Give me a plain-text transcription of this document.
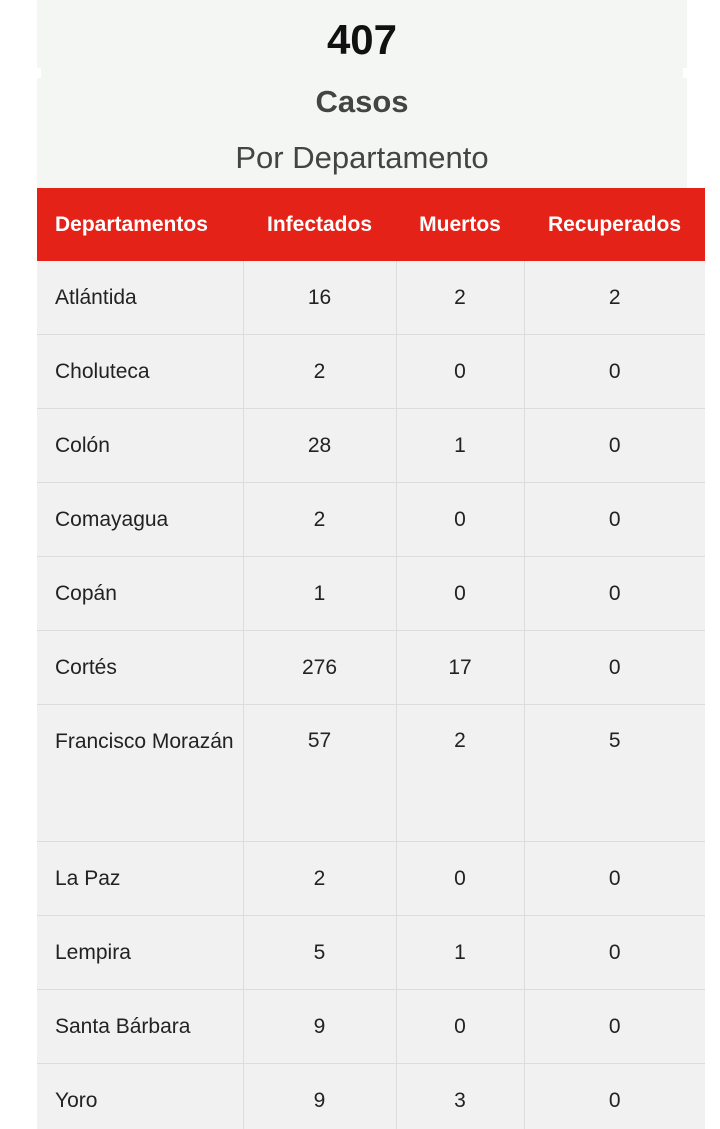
407
Casos
Por Departamento
Departamentos	Infectados	Muertos	Recuperados
Atlántida	16	2	2
Choluteca	2	0	0
Colón	28	1	0
Comayagua	2	0	0
Copán	1	0	0
Cortés	276	17	0
Francisco Morazán	57	2	5
La Paz	2	0	0
Lempira	5	1	0
Santa Bárbara	9	0	0
Yoro	9	3	0
